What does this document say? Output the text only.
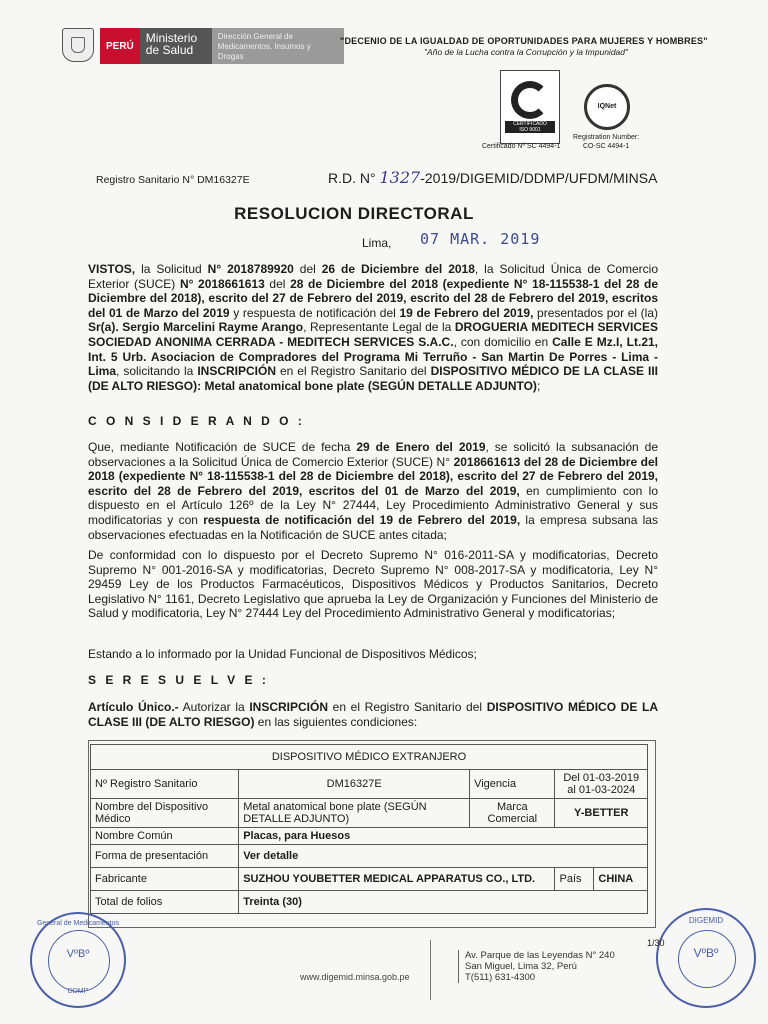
PERÚ
Ministerio de Salud
Dirección General de Medicamentos, Insumos y Drogas
"DECENIO DE LA IGUALDAD DE OPORTUNIDADES PARA MUJERES Y HOMBRES"
"Año de la Lucha contra la Corrupción y la Impunidad"
CERTIFICADO
ISO 9001
IQNet
Certificado Nº SC 4494-1
Registration Number:
CO-SC 4494-1
Registro Sanitario N° DM16327E	R.D. N° 1327-2019/DIGEMID/DDMP/UFDM/MINSA
RESOLUCION DIRECTORAL
Lima, 07 MAR. 2019
VISTOS, la Solicitud N° 2018789920 del 26 de Diciembre del 2018, la Solicitud Única de Comercio Exterior (SUCE) N° 2018661613 del 28 de Diciembre del 2018 (expediente N° 18-115538-1 del 28 de Diciembre del 2018), escrito del 27 de Febrero del 2019, escrito del 28 de Febrero del 2019, escritos del 01 de Marzo del 2019 y respuesta de notificación del 19 de Febrero del 2019, presentados por el (la) Sr(a). Sergio Marcelini Rayme Arango, Representante Legal de la DROGUERIA MEDITECH SERVICES SOCIEDAD ANONIMA CERRADA - MEDITECH SERVICES S.A.C., con domicilio en Calle E Mz.I, Lt.21, Int. 5 Urb. Asociacion de Compradores del Programa Mi Terruño - San Martin De Porres - Lima - Lima, solicitando la INSCRIPCIÓN en el Registro Sanitario del DISPOSITIVO MÉDICO DE LA CLASE III (DE ALTO RIESGO): Metal anatomical bone plate (SEGÚN DETALLE ADJUNTO);
C O N S I D E R A N D O :
Que, mediante Notificación de SUCE de fecha 29 de Enero del 2019, se solicitó la subsanación de observaciones a la Solicitud Única de Comercio Exterior (SUCE) N° 2018661613 del 28 de Diciembre del 2018 (expediente N° 18-115538-1 del 28 de Diciembre del 2018), escrito del 27 de Febrero del 2019, escrito del 28 de Febrero del 2019, escritos del 01 de Marzo del 2019, en cumplimiento con lo dispuesto en el Artículo 126º de la Ley N° 27444, Ley Procedimiento Administrativo General y sus modificatorias y con respuesta de notificación del 19 de Febrero del 2019, la empresa subsana las observaciones efectuadas en la Notificación de SUCE antes citada;
De conformidad con lo dispuesto por el Decreto Supremo N° 016-2011-SA y modificatorias, Decreto Supremo N° 001-2016-SA y modificatorias, Decreto Supremo N° 008-2017-SA y modificatoria, Ley N° 29459 Ley de los Productos Farmacéuticos, Dispositivos Médicos y Productos Sanitarios, Decreto Legislativo N° 1161, Decreto Legislativo que aprueba la Ley de Organización y Funciones del Ministerio de Salud y modificatoria, Ley N° 27444 Ley del Procedimiento Administrativo General y modificatorias;
Estando a lo informado por la Unidad Funcional de Dispositivos Médicos;
S E R E S U E L V E :
Artículo Único.- Autorizar la INSCRIPCIÓN en el Registro Sanitario del DISPOSITIVO MÉDICO DE LA CLASE III (DE ALTO RIESGO) en las siguientes condiciones:
DISPOSITIVO MÉDICO EXTRANJERO				
Nº Registro Sanitario	DM16327E	Vigencia	Del 01-03-2019
al 01-03-2024	

Nombre del Dispositivo Médico	Metal anatomical bone plate (SEGÚN DETALLE ADJUNTO)	Marca Comercial	Y-BETTER	
Nombre Común	Placas, para Huesos			
Forma de presentación	Ver detalle			
Fabricante	SUZHOU YOUBETTER MEDICAL APPARATUS CO., LTD.		País	CHINA
Total de folios	Treinta (30)			
General de Medicamentos
VºBº
DDMP
DIGEMID
VºBº
1/30
www.digemid.minsa.gob.pe
Av. Parque de las Leyendas N° 240
San Miguel, Lima 32, Perú
T(511) 631-4300
